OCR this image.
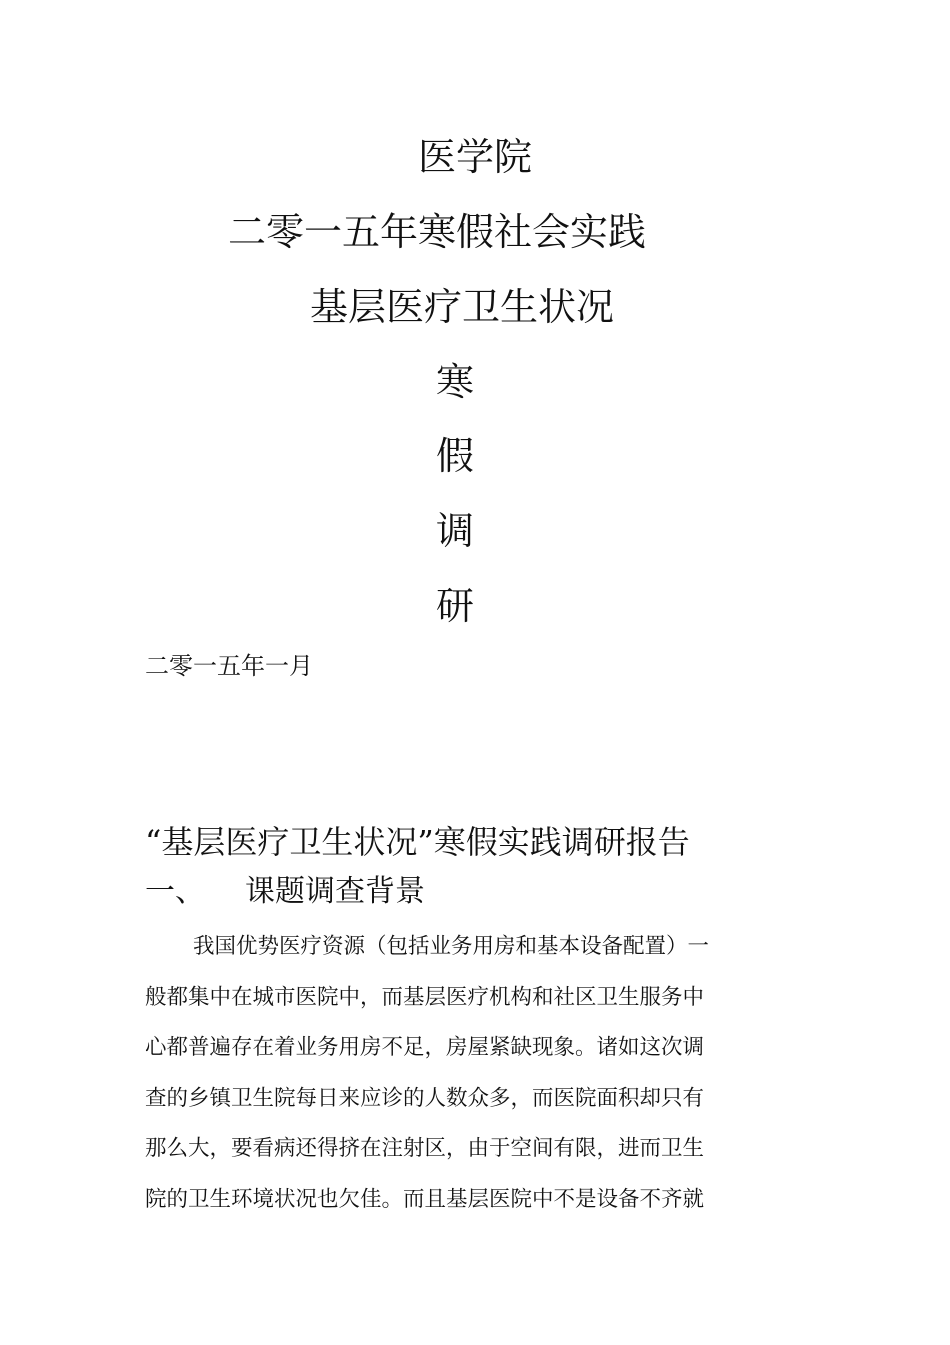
医学院
二零一五年寒假社会实践
基层医疗卫生状况
寒
假
调
研
二零一五年一月
“基层医疗卫生状况”寒假实践调研报告
一、 课题调查背景
我国优势医疗资源（包括业务用房和基本设备配置）一
般都集中在城市医院中，而基层医疗机构和社区卫生服务中
心都普遍存在着业务用房不足，房屋紧缺现象。诸如这次调
查的乡镇卫生院每日来应诊的人数众多，而医院面积却只有
那么大，要看病还得挤在注射区，由于空间有限，进而卫生
院的卫生环境状况也欠佳。而且基层医院中不是设备不齐就
